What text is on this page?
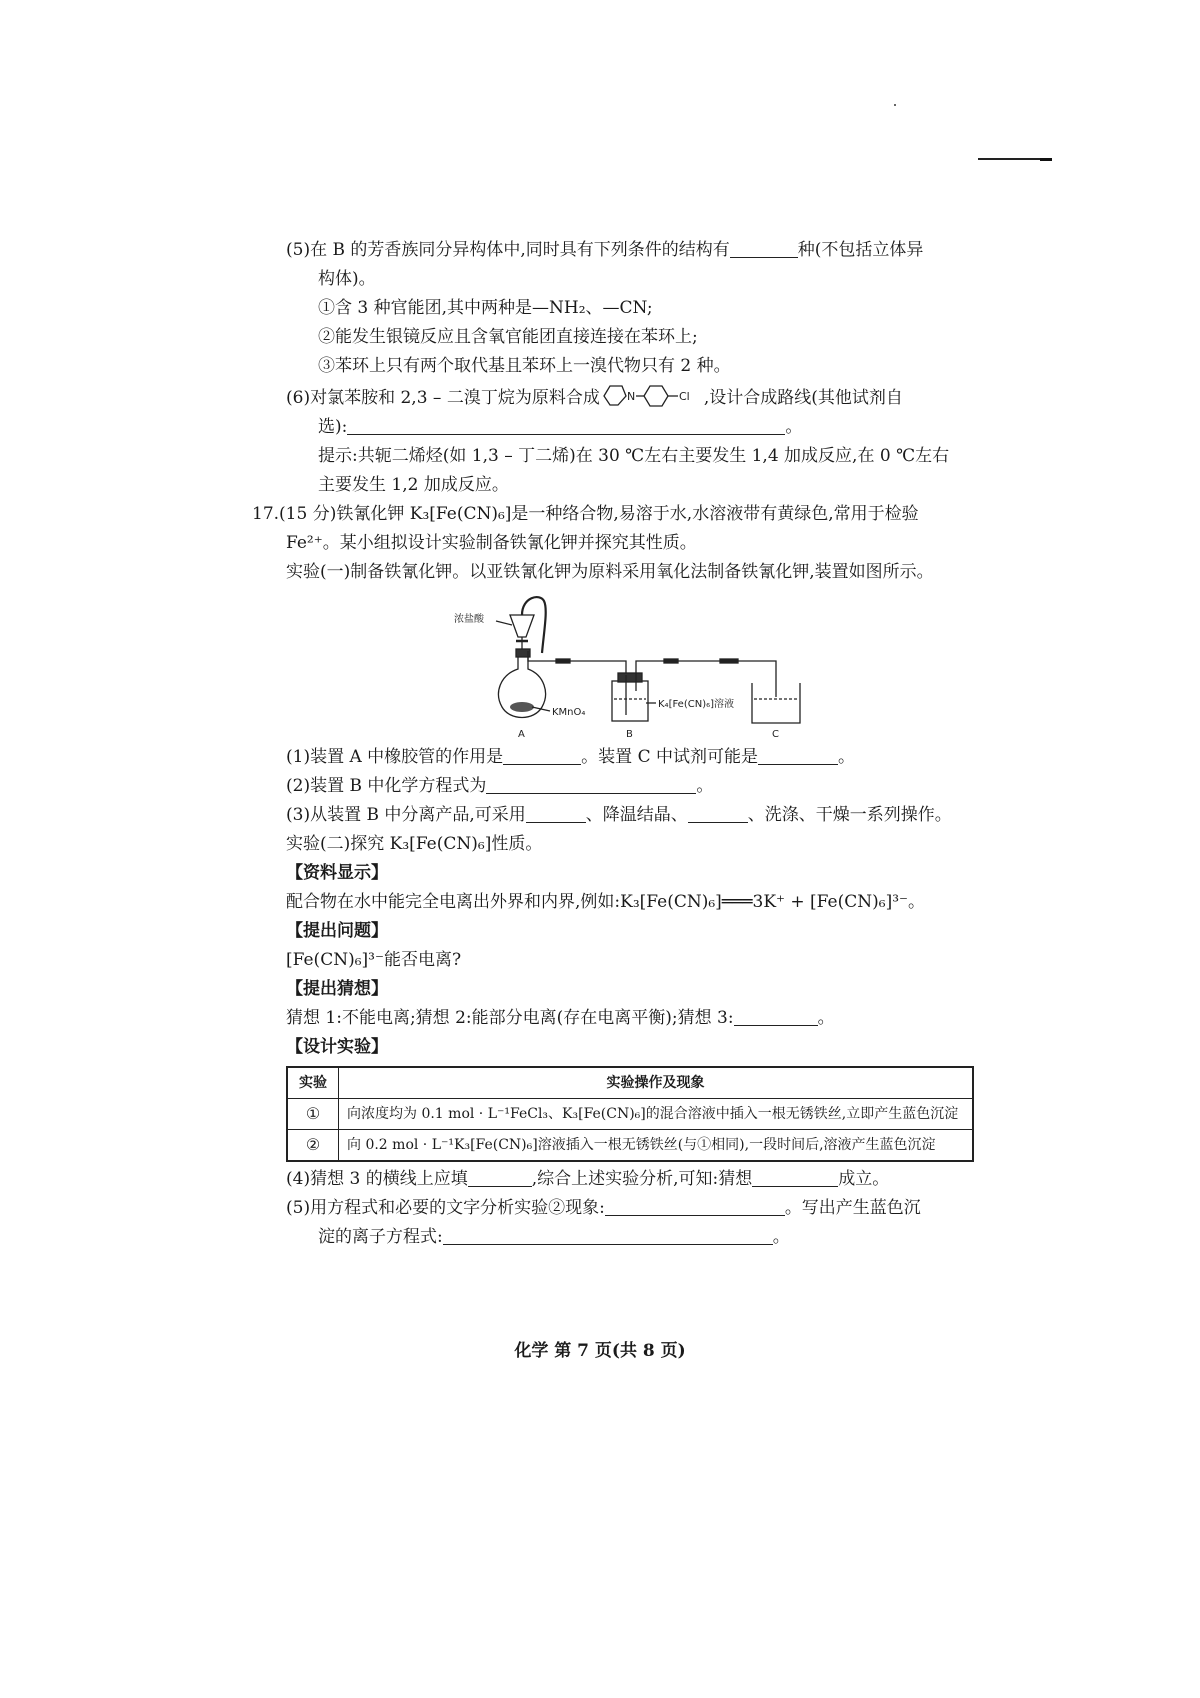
(5)在 B 的芳香族同分异构体中,同时具有下列条件的结构有	种(不包括立体异
构体)。
①含 3 种官能团,其中两种是—NH₂、—CN;
②能发生银镜反应且含氧官能团直接连接在苯环上;
③苯环上只有两个取代基且苯环上一溴代物只有 2 种。
(6)对氯苯胺和 2,3 – 二溴丁烷为原料合成 N	Cl ,设计合成路线(其他试剂自
选):	。
提示:共轭二烯烃(如 1,3 – 丁二烯)在 30 ℃左右主要发生 1,4 加成反应,在 0 ℃左右
主要发生 1,2 加成反应。
17.(15 分)铁氰化钾 K₃[Fe(CN)₆]是一种络合物,易溶于水,水溶液带有黄绿色,常用于检验
Fe²⁺。某小组拟设计实验制备铁氰化钾并探究其性质。
实验(一)制备铁氰化钾。以亚铁氰化钾为原料采用氧化法制备铁氰化钾,装置如图所示。
浓盐酸
KMnO₄
K₄[Fe(CN)₆]溶液
A	B	C
(1)装置 A 中橡胶管的作用是	。装置 C 中试剂可能是	。
(2)装置 B 中化学方程式为	。
(3)从装置 B 中分离产品,可采用	、降温结晶、	、洗涤、干燥一系列操作。
实验(二)探究 K₃[Fe(CN)₆]性质。
【资料显示】
配合物在水中能完全电离出外界和内界,例如:K₃[Fe(CN)₆]═══3K⁺ + [Fe(CN)₆]³⁻。
【提出问题】
[Fe(CN)₆]³⁻能否电离?
【提出猜想】
猜想 1:不能电离;猜想 2:能部分电离(存在电离平衡);猜想 3:	。
【设计实验】
实验	实验操作及现象
①	向浓度均为 0.1 mol · L⁻¹FeCl₃、K₃[Fe(CN)₆]的混合溶液中插入一根无锈铁丝,立即产生蓝色沉淀
②	向 0.2 mol · L⁻¹K₃[Fe(CN)₆]溶液插入一根无锈铁丝(与①相同),一段时间后,溶液产生蓝色沉淀
(4)猜想 3 的横线上应填	,综合上述实验分析,可知:猜想	成立。
(5)用方程式和必要的文字分析实验②现象:	。写出产生蓝色沉
淀的离子方程式:	。
化学 第 7 页(共 8 页)
